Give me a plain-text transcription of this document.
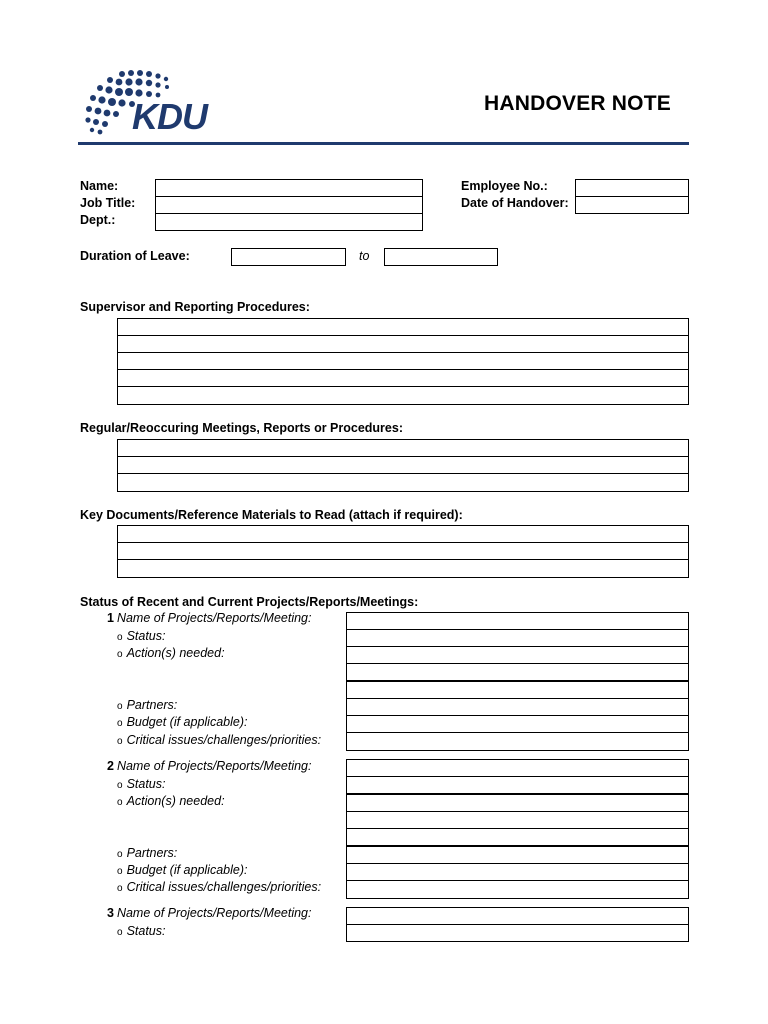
KDU	HANDOVER NOTE
Name:
Job Title:
Dept.:
Employee No.:
Date of Handover:
Duration of Leave:	to
Supervisor and Reporting Procedures:
Regular/Reoccuring Meetings, Reports or Procedures:
Key Documents/Reference Materials to Read (attach if required):
Status of Recent and Current Projects/Reports/Meetings:
1 Name of Projects/Reports/Meeting:
o Status:
o Action(s) needed:
o Partners:
o Budget (if applicable):
o Critical issues/challenges/priorities:
2 Name of Projects/Reports/Meeting:
o Status:
o Action(s) needed:
o Partners:
o Budget (if applicable):
o Critical issues/challenges/priorities:
3 Name of Projects/Reports/Meeting:
o Status:
